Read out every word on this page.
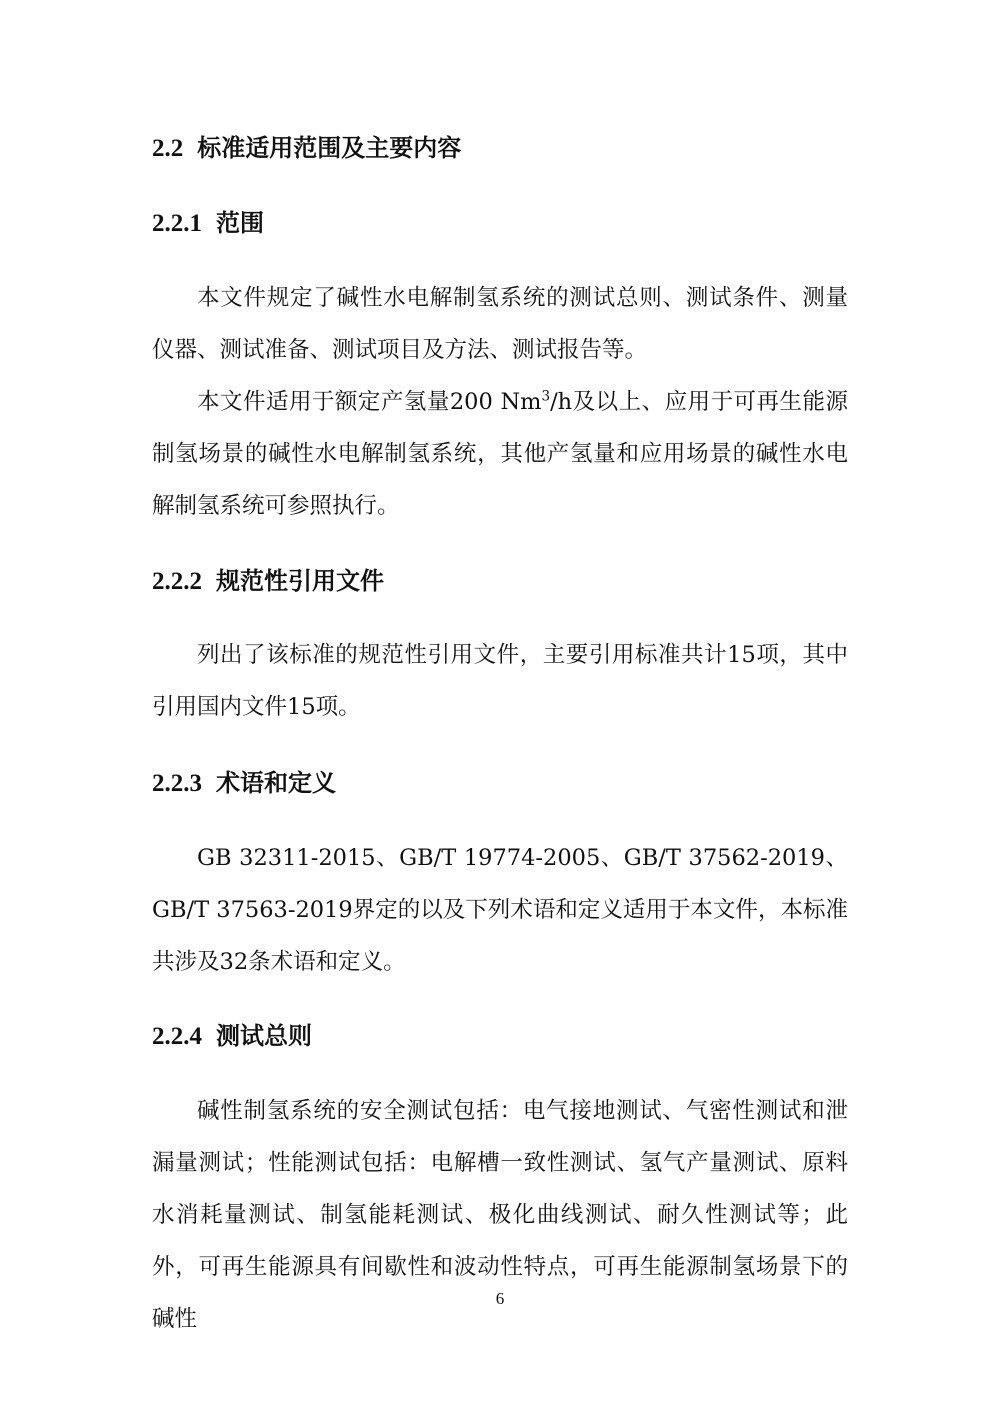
2.2 标准适用范围及主要内容
2.2.1 范围

本文件规定了碱性水电解制氢系统的测试总则、测试条件、测量仪器、测试准备、测试项目及方法、测试报告等。

本文件适用于额定产氢量200 Nm$^3$/h及以上、应用于可再生能源制氢场景的碱性水电解制氢系统，其他产氢量和应用场景的碱性水电解制氢系统可参照执行。

2.2.2 规范性引用文件

列出了该标准的规范性引用文件，主要引用标准共计15项，其中引用国内文件15项。

2.2.3 术语和定义

GB 32311-2015、GB/T 19774-2005、GB/T 37562-2019、GB/T 37563-2019界定的以及下列术语和定义适用于本文件，本标准共涉及32条术语和定义。

2.2.4 测试总则

碱性制氢系统的安全测试包括：电气接地测试、气密性测试和泄漏量测试；性能测试包括：电解槽一致性测试、氢气产量测试、原料水消耗量测试、制氢能耗测试、极化曲线测试、耐久性测试等；此外，可再生能源具有间歇性和波动性特点，可再生能源制氢场景下的碱性

6
